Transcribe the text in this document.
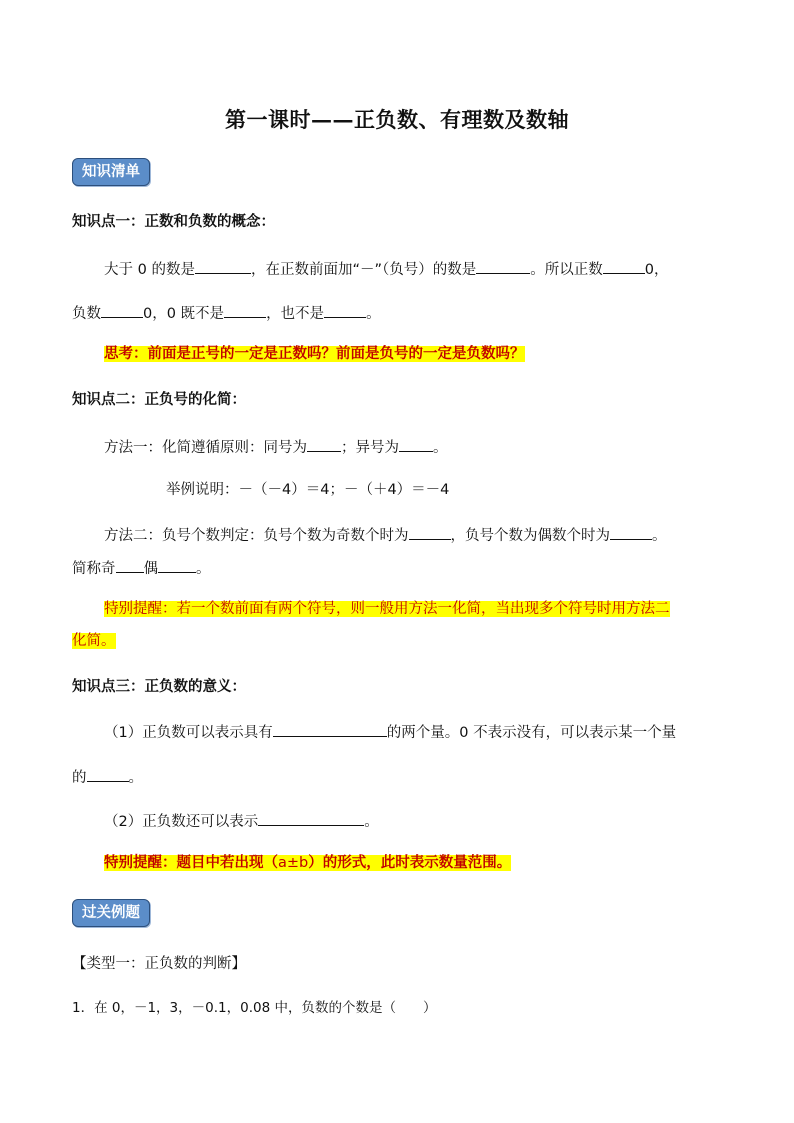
第一课时——正负数、有理数及数轴
知识清单
知识点一：正数和负数的概念：
大于 0 的数是	，在正数前面加“－”（负号）的数是	。所以正数	0，
负数	0，0 既不是	，也不是	。
思考：前面是正号的一定是正数吗？前面是负号的一定是负数吗？
知识点二：正负号的化简：
方法一：化简遵循原则：同号为 ；异号为 。
举例说明：－（－4）＝4；－（＋4）＝－4
方法二：负号个数判定：负号个数为奇数个时为	，负号个数为偶数个时为	。
简称奇 偶	。
特别提醒：若一个数前面有两个符号，则一般用方法一化简，当出现多个符号时用方法二
化简。
知识点三：正负数的意义：
（1）正负数可以表示具有	的两个量。0 不表示没有，可以表示某一个量
的	。
（2）正负数还可以表示	。
特别提醒：题目中若出现（a±b）的形式，此时表示数量范围。
过关例题
【类型一：正负数的判断】
1．在 0，－1，3，－0.1，0.08 中，负数的个数是（　　）
